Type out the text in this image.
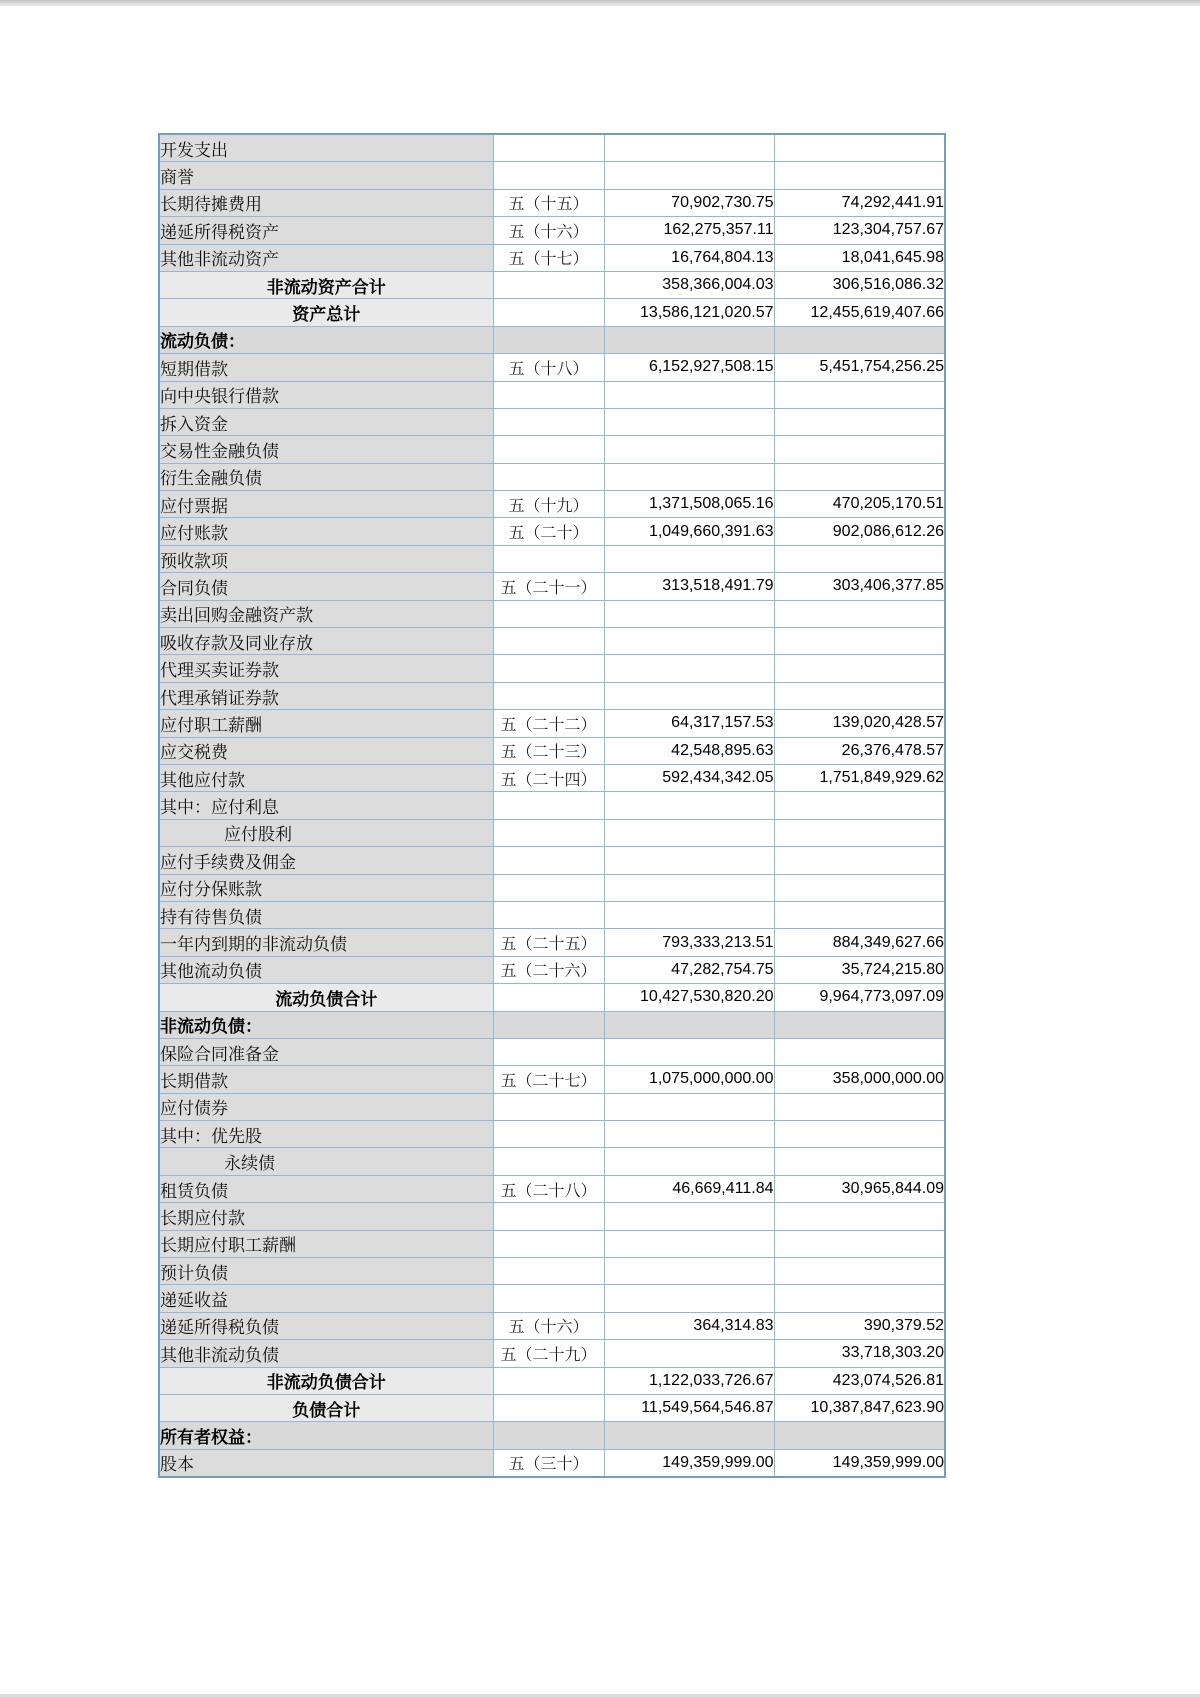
开发支出			
商誉			
长期待摊费用	五（十五）	70,902,730.75	74,292,441.91
递延所得税资产	五（十六）	162,275,357.11	123,304,757.67
其他非流动资产	五（十七）	16,764,804.13	18,041,645.98
非流动资产合计		358,366,004.03	306,516,086.32
资产总计		13,586,121,020.57	12,455,619,407.66
流动负债：			
短期借款	五（十八）	6,152,927,508.15	5,451,754,256.25
向中央银行借款			
拆入资金			
交易性金融负债			
衍生金融负债			
应付票据	五（十九）	1,371,508,065.16	470,205,170.51
应付账款	五（二十）	1,049,660,391.63	902,086,612.26
预收款项			
合同负债	五（二十一）	313,518,491.79	303,406,377.85
卖出回购金融资产款			
吸收存款及同业存放			
代理买卖证券款			
代理承销证券款			
应付职工薪酬	五（二十二）	64,317,157.53	139,020,428.57
应交税费	五（二十三）	42,548,895.63	26,376,478.57
其他应付款	五（二十四）	592,434,342.05	1,751,849,929.62
其中：应付利息			
应付股利			
应付手续费及佣金			
应付分保账款			
持有待售负债			
一年内到期的非流动负债	五（二十五）	793,333,213.51	884,349,627.66
其他流动负债	五（二十六）	47,282,754.75	35,724,215.80
流动负债合计		10,427,530,820.20	9,964,773,097.09
非流动负债：			
保险合同准备金			
长期借款	五（二十七）	1,075,000,000.00	358,000,000.00
应付债券			
其中：优先股			
永续债			
租赁负债	五（二十八）	46,669,411.84	30,965,844.09
长期应付款			
长期应付职工薪酬			
预计负债			
递延收益			
递延所得税负债	五（十六）	364,314.83	390,379.52
其他非流动负债	五（二十九）		33,718,303.20
非流动负债合计		1,122,033,726.67	423,074,526.81
负债合计		11,549,564,546.87	10,387,847,623.90
所有者权益：			
股本	五（三十）	149,359,999.00	149,359,999.00
